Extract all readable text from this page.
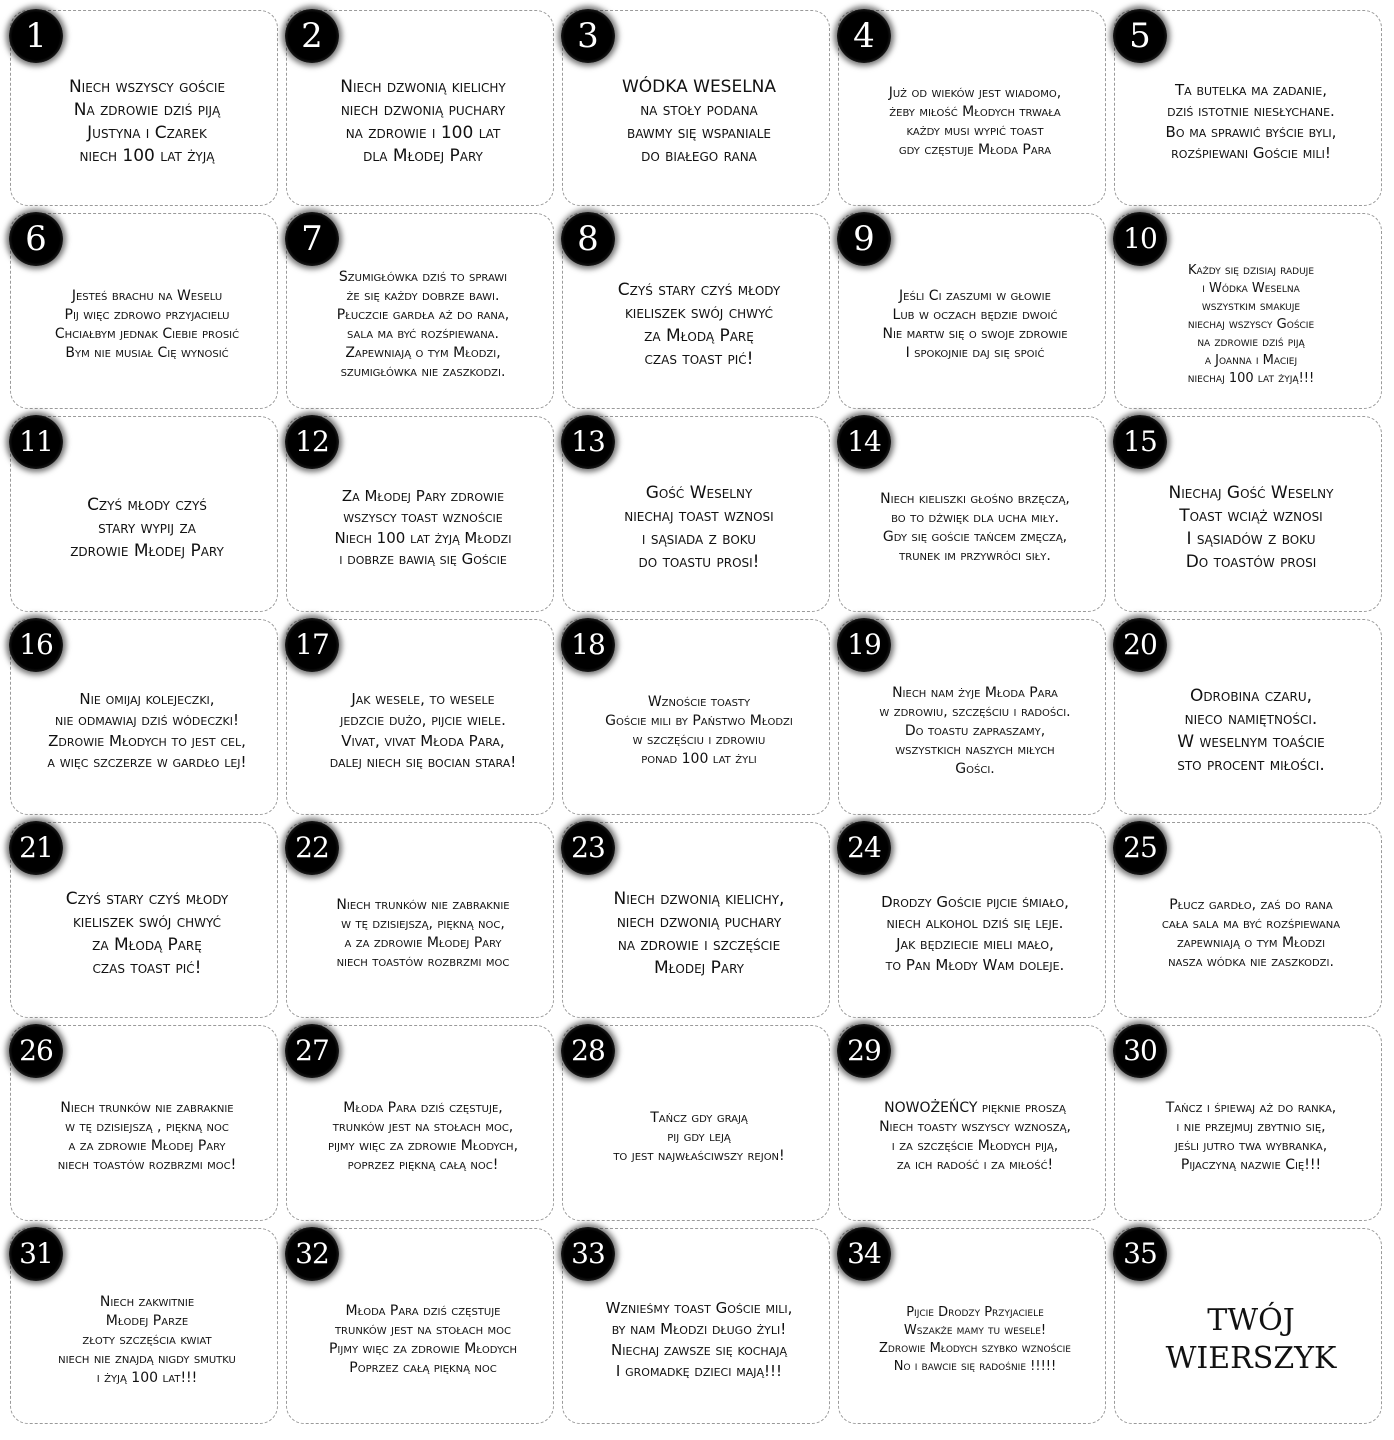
1
Niech wszyscy goście
Na zdrowie dziś piją
Justyna i Czarek
niech 100 lat żyją
2
Niech dzwonią kielichy
niech dzwonią puchary
na zdrowie i 100 lat
dla Młodej Pary
3
WÓDKA WESELNA
na stoły podana
bawmy się wspaniale
do białego rana
4
Już od wieków jest wiadomo,
żeby miłość Młodych trwała
każdy musi wypić toast
gdy częstuje Młoda Para
5
Ta butelka ma zadanie,
dziś istotnie niesłychane.
Bo ma sprawić byście byli,
rozśpiewani Goście mili!
6
Jesteś brachu na Weselu
Pij więc zdrowo przyjacielu
Chciałbym jednak Ciebie prosić
Bym nie musiał Cię wynosić
7
Szumigłówka dziś to sprawi
że się każdy dobrze bawi.
Płuczcie gardła aż do rana,
sala ma być rozśpiewana.
Zapewniają o tym Młodzi,
szumigłówka nie zaszkodzi.
8
Czyś stary czyś młody
kieliszek swój chwyć
za Młodą Parę
czas toast pić!
9
Jeśli Ci zaszumi w głowie
Lub w oczach będzie dwoić
Nie martw się o swoje zdrowie
I spokojnie daj się spoić
10
Każdy się dzisiaj raduje
i Wódka Weselna
wszystkim smakuje
niechaj wszyscy Goście
na zdrowie dziś piją
a Joanna i Maciej
niechaj 100 lat żyją!!!
11
Czyś młody czyś
stary wypij za
zdrowie Młodej Pary
12
Za Młodej Pary zdrowie
wszyscy toast wznoście
Niech 100 lat żyją Młodzi
i dobrze bawią się Goście
13
Gość Weselny
niechaj toast wznosi
i sąsiada z boku
do toastu prosi!
14
Niech kieliszki głośno brzęczą,
bo to dźwięk dla ucha miły.
Gdy się goście tańcem zmęczą,
trunek im przywróci siły.
15
Niechaj Gość Weselny
Toast wciąż wznosi
I sąsiadów z boku
Do toastów prosi
16
Nie omijaj kolejeczki,
nie odmawiaj dziś wódeczki!
Zdrowie Młodych to jest cel,
a więc szczerze w gardło lej!
17
Jak wesele, to wesele
jedzcie dużo, pijcie wiele.
Vivat, vivat Młoda Para,
dalej niech się bocian stara!
18
Wznoście toasty
Goście mili by Państwo Młodzi
w szczęściu i zdrowiu
ponad 100 lat żyli
19
Niech nam żyje Młoda Para
w zdrowiu, szczęściu i radości.
Do toastu zapraszamy,
wszystkich naszych miłych
Gości.
20
Odrobina czaru,
nieco namiętności.
W weselnym toaście
sto procent miłości.
21
Czyś stary czyś młody
kieliszek swój chwyć
za Młodą Parę
czas toast pić!
22
Niech trunków nie zabraknie
w tę dzisiejszą, piękną noc,
a za zdrowie Młodej Pary
niech toastów rozbrzmi moc
23
Niech dzwonią kielichy,
niech dzwonią puchary
na zdrowie i szczęście
Młodej Pary
24
Drodzy Goście pijcie śmiało,
niech alkohol dziś się leje.
Jak będziecie mieli mało,
to Pan Młody Wam doleje.
25
Płucz gardło, zaś do rana
cała sala ma być rozśpiewana
zapewniają o tym Młodzi
nasza wódka nie zaszkodzi.
26
Niech trunków nie zabraknie
w tę dzisiejszą , piękną noc
a za zdrowie Młodej Pary
niech toastów rozbrzmi moc!
27
Młoda Para dziś częstuje,
trunków jest na stołach moc,
pijmy więc za zdrowie Młodych,
poprzez piękną całą noc!
28
Tańcz gdy grają
pij gdy leją
to jest najwłaściwszy rejon!
29
NOWOŻEŃCY pięknie proszą
Niech toasty wszyscy wznoszą,
i za szczęście Młodych piją,
za ich radość i za miłość!
30
Tańcz i śpiewaj aż do ranka,
i nie przejmuj zbytnio się,
jeśli jutro twa wybranka,
Pijaczyną nazwie Cię!!!
31
Niech zakwitnie
Młodej Parze
złoty szczęścia kwiat
niech nie znajdą nigdy smutku
i żyją 100 lat!!!
32
Młoda Para dziś częstuje
trunków jest na stołach moc
Pijmy więc za zdrowie Młodych
Poprzez całą piękną noc
33
Wznieśmy toast Goście mili,
by nam Młodzi długo żyli!
Niechaj zawsze się kochają
I gromadkę dzieci mają!!!
34
Pijcie Drodzy Przyjaciele
Wszakże mamy tu wesele!
Zdrowie Młodych szybko wznoście
No i bawcie się radośnie !!!!!
35
TWÓJ
WIERSZYK
